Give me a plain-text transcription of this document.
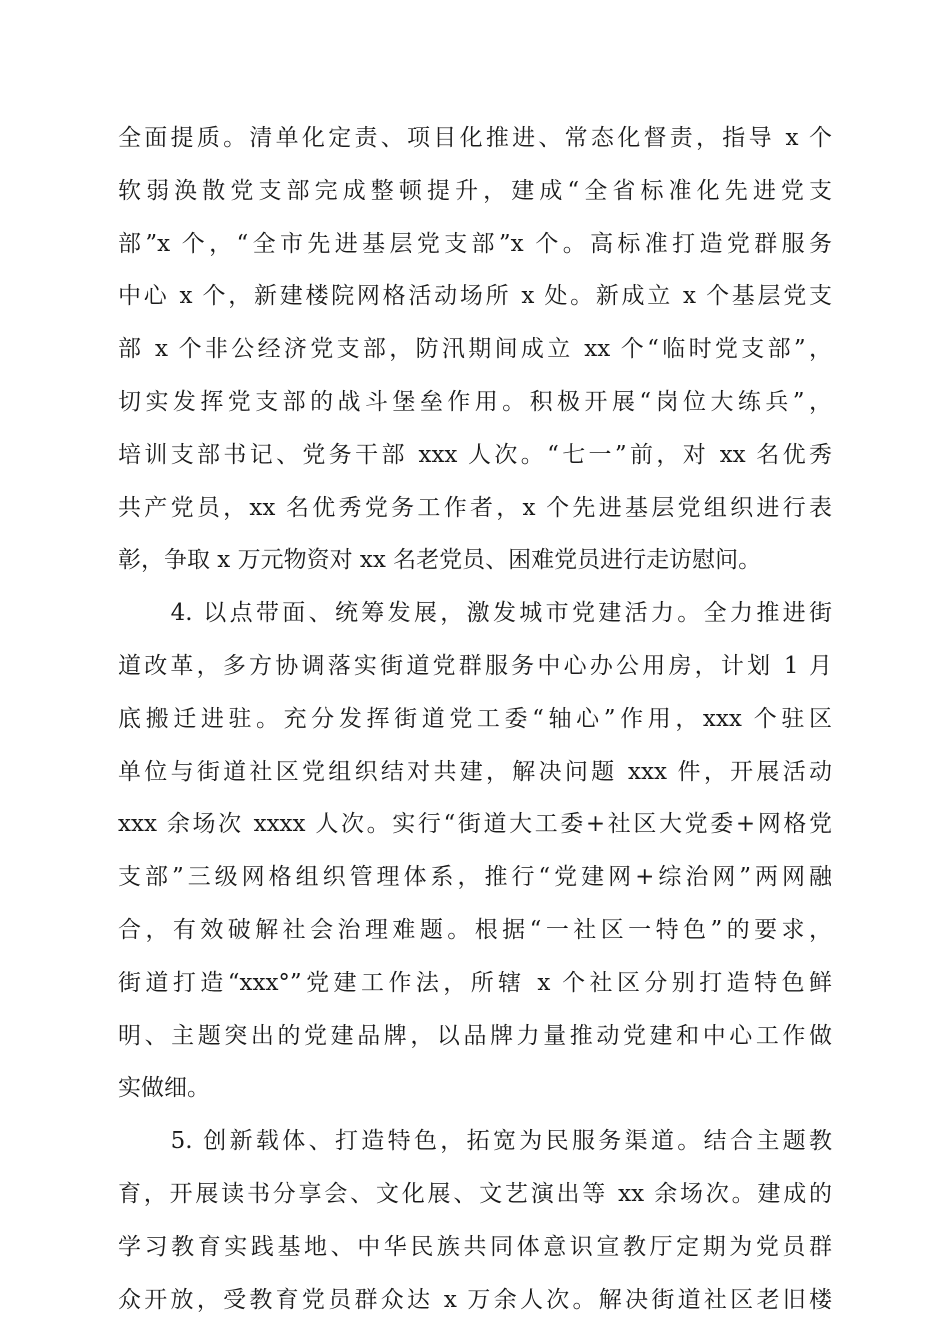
全面提质。清单化定责、项目化推进、常态化督责，指导 x 个
软弱涣散党支部完成整顿提升，建成“全省标准化先进党支
部”x 个，“全市先进基层党支部”x 个。高标准打造党群服务
中心 x 个，新建楼院网格活动场所 x 处。新成立 x 个基层党支
部 x 个非公经济党支部，防汛期间成立 xx 个“临时党支部”，
切实发挥党支部的战斗堡垒作用。积极开展“岗位大练兵”，
培训支部书记、党务干部 xxx 人次。“七一”前，对 xx 名优秀
共产党员，xx 名优秀党务工作者，x 个先进基层党组织进行表
彰，争取 x 万元物资对 xx 名老党员、困难党员进行走访慰问。
　　4. 以点带面、统筹发展，激发城市党建活力。全力推进街
道改革，多方协调落实街道党群服务中心办公用房，计划 1 月
底搬迁进驻。充分发挥街道党工委“轴心”作用，xxx 个驻区
单位与街道社区党组织结对共建，解决问题 xxx 件，开展活动
xxx 余场次 xxxx 人次。实行“街道大工委+社区大党委+网格党
支部”三级网格组织管理体系，推行“党建网+综治网”两网融
合，有效破解社会治理难题。根据“一社区一特色”的要求，
街道打造“xxx°”党建工作法，所辖 x 个社区分别打造特色鲜
明、主题突出的党建品牌，以品牌力量推动党建和中心工作做
实做细。
　　5. 创新载体、打造特色，拓宽为民服务渠道。结合主题教
育，开展读书分享会、文化展、文艺演出等 xx 余场次。建成的
学习教育实践基地、中华民族共同体意识宣教厅定期为党员群
众开放，受教育党员群众达 x 万余人次。解决街道社区老旧楼
